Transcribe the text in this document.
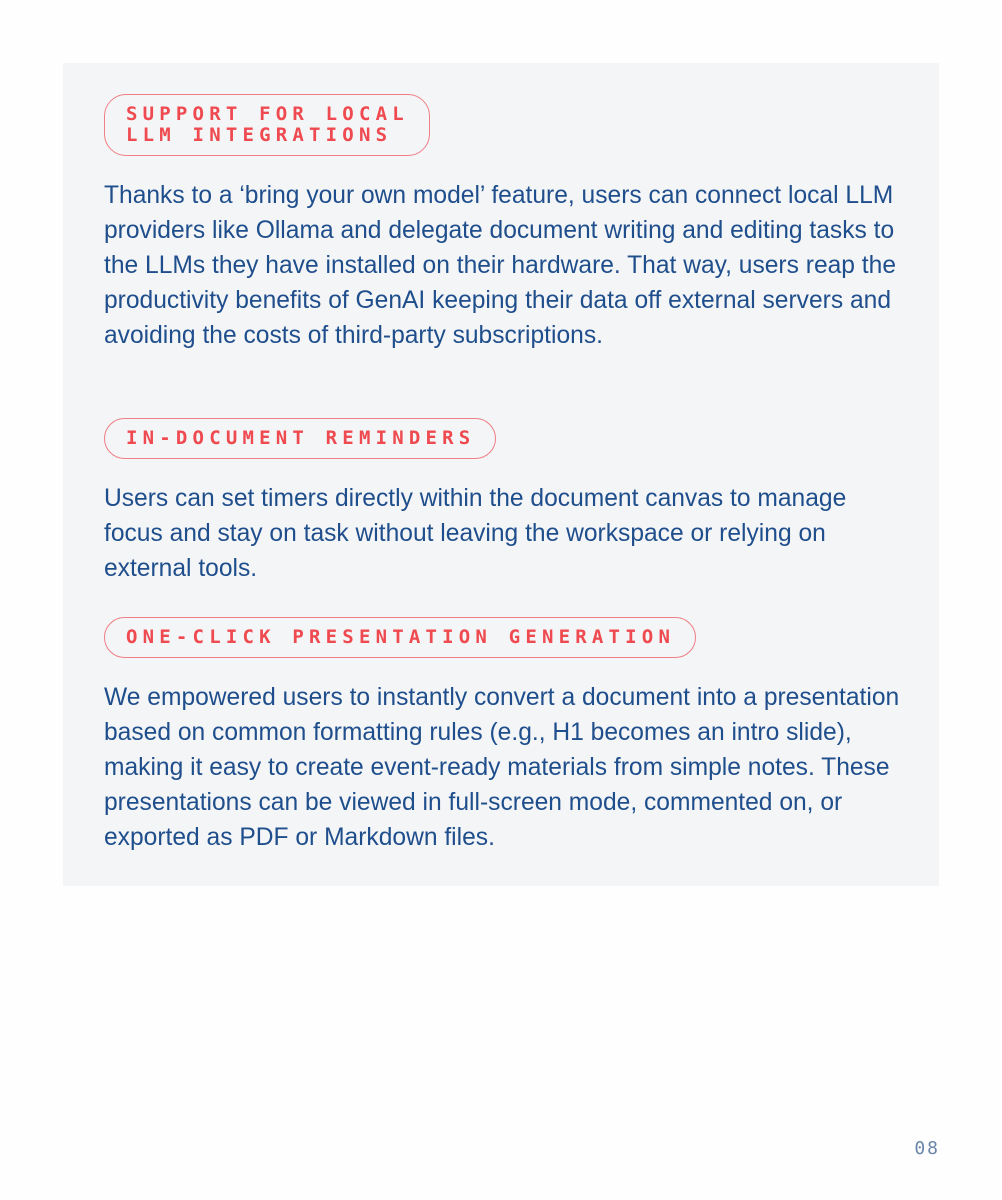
SUPPORT FOR LOCAL
LLM INTEGRATIONS

Thanks to a ‘bring your own model’ feature, users can connect local LLM providers like Ollama and delegate document writing and editing tasks to the LLMs they have installed on their hardware. That way, users reap the productivity benefits of GenAI keeping their data off external servers and avoiding the costs of third-party subscriptions.

IN-DOCUMENT REMINDERS

Users can set timers directly within the document canvas to manage focus and stay on task without leaving the workspace or relying on external tools.

ONE-CLICK PRESENTATION GENERATION

We empowered users to instantly convert a document into a presentation based on common formatting rules (e.g., H1 becomes an intro slide), making it easy to create event-ready materials from simple notes. These presentations can be viewed in full-screen mode, commented on, or exported as PDF or Markdown files.

08
